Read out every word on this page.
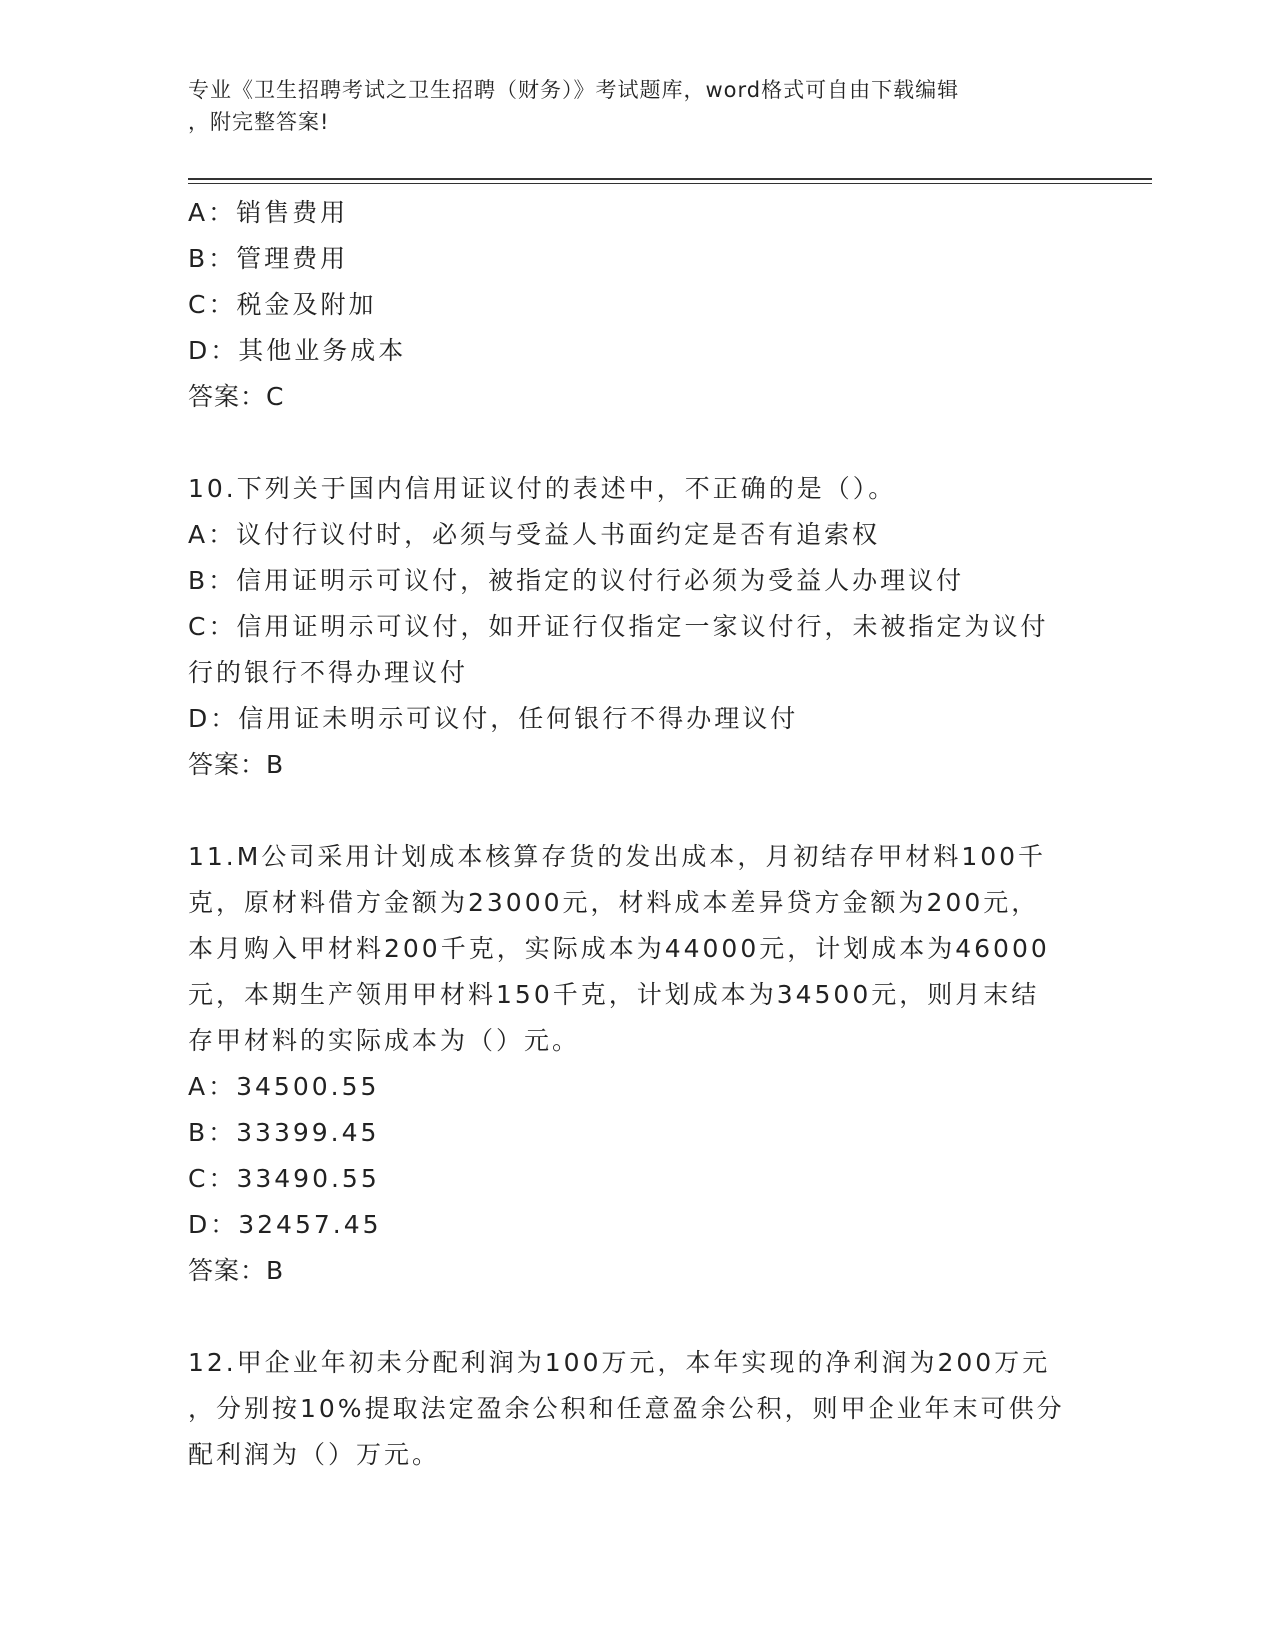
专业《卫生招聘考试之卫生招聘（财务）》考试题库，word格式可自由下载编辑
，附完整答案!
A：销售费用
B：管理费用
C：税金及附加
D：其他业务成本
答案：C
10.下列关于国内信用证议付的表述中，不正确的是（）。
A：议付行议付时，必须与受益人书面约定是否有追索权
B：信用证明示可议付，被指定的议付行必须为受益人办理议付
C：信用证明示可议付，如开证行仅指定一家议付行，未被指定为议付
行的银行不得办理议付
D：信用证未明示可议付，任何银行不得办理议付
答案：B
11.M公司采用计划成本核算存货的发出成本，月初结存甲材料100千
克，原材料借方金额为23000元，材料成本差异贷方金额为200元，
本月购入甲材料200千克，实际成本为44000元，计划成本为46000
元，本期生产领用甲材料150千克，计划成本为34500元，则月末结
存甲材料的实际成本为（）元。
A：34500.55
B：33399.45
C：33490.55
D：32457.45
答案：B
12.甲企业年初未分配利润为100万元，本年实现的净利润为200万元
，分别按10%提取法定盈余公积和任意盈余公积，则甲企业年末可供分
配利润为（）万元。
